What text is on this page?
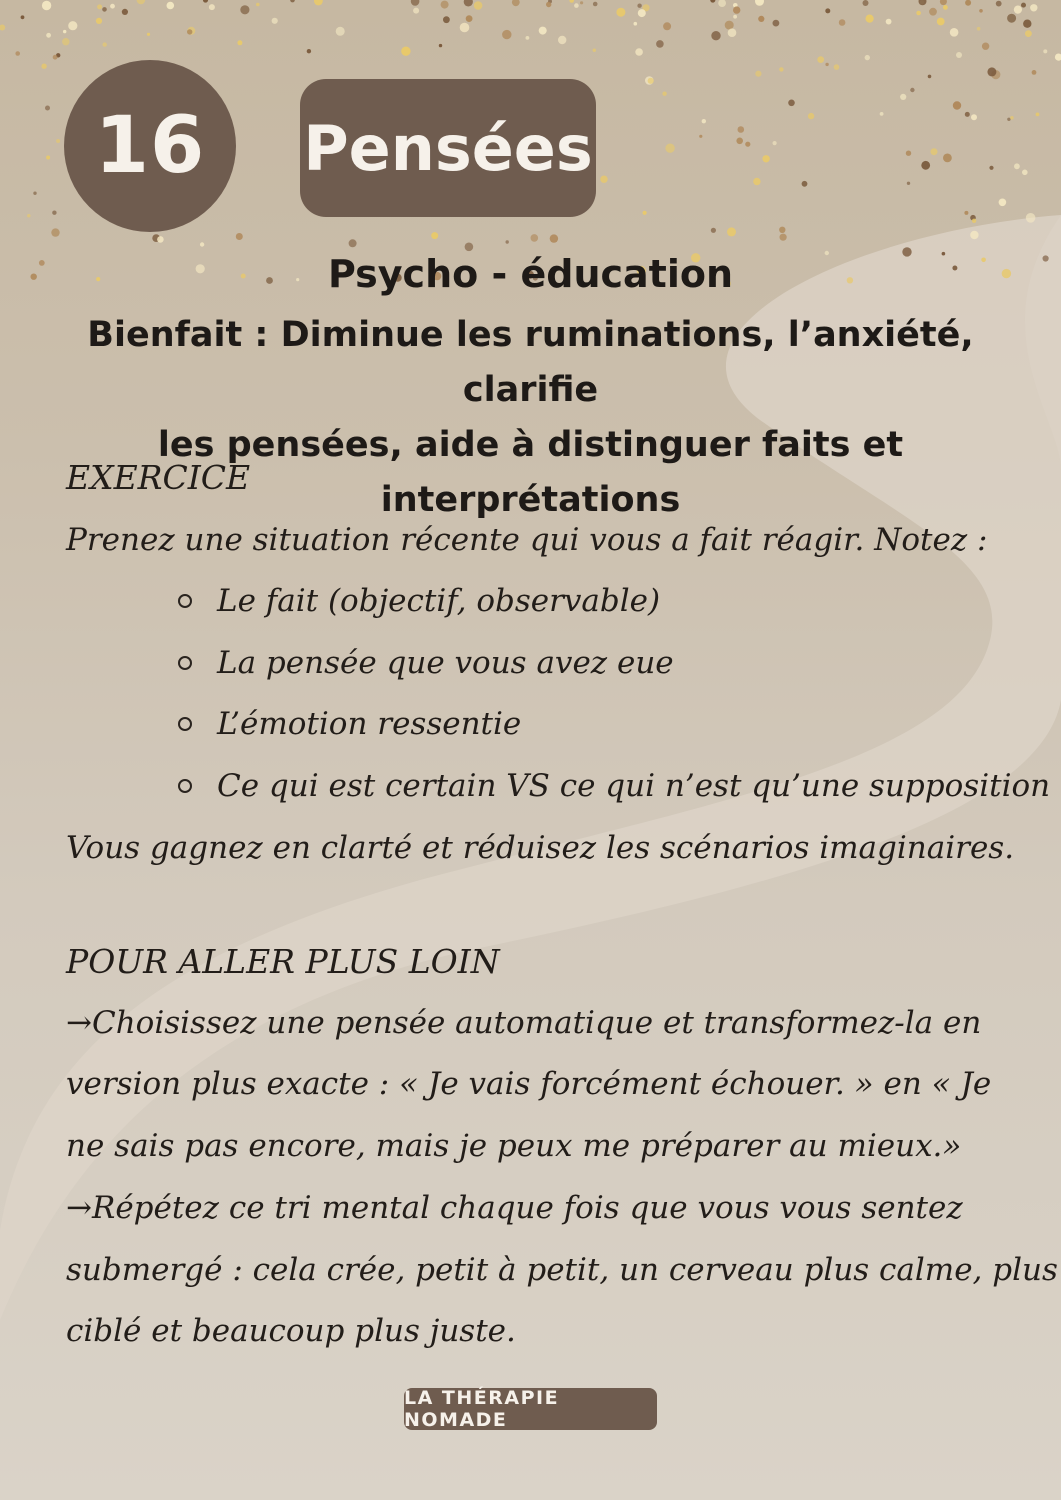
16 Pensées
Psycho - éducation
Bienfait : Diminue les ruminations, l’anxiété, clarifie
les pensées, aide à distinguer faits et interprétations
EXERCICE
Prenez une situation récente qui vous a fait réagir. Notez :
Le fait (objectif, observable)
La pensée que vous avez eue
L’émotion ressentie
Ce qui est certain VS ce qui n’est qu’une supposition
Vous gagnez en clarté et réduisez les scénarios imaginaires.
POUR ALLER PLUS LOIN
→Choisissez une pensée automatique et transformez-la en
version plus exacte : « Je vais forcément échouer. » en « Je
ne sais pas encore, mais je peux me préparer au mieux.»
→Répétez ce tri mental chaque fois que vous vous sentez
submergé : cela crée, petit à petit, un cerveau plus calme, plus
ciblé et beaucoup plus juste.
LA THÉRAPIE NOMADE
